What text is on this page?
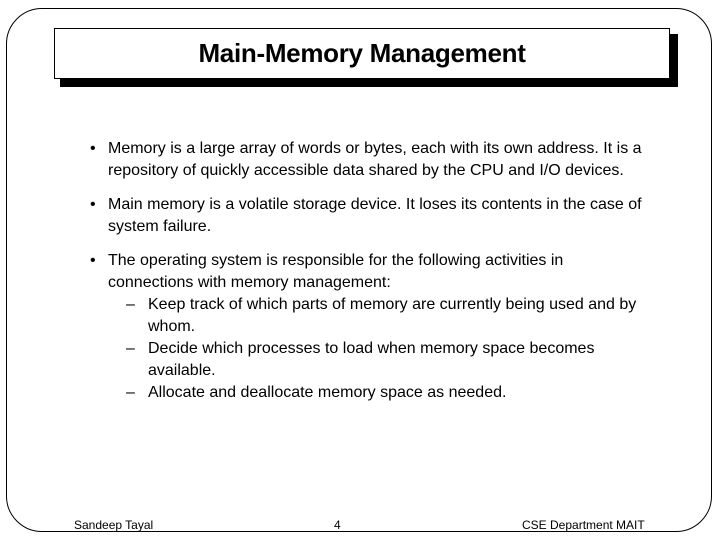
Main-Memory Management
• Memory is a large array of words or bytes, each with its own address. It is a repository of quickly accessible data shared by the CPU and I/O devices.
• Main memory is a volatile storage device. It loses its contents in the case of system failure.
• The operating system is responsible for the following activities in connections with memory management:
– Keep track of which parts of memory are currently being used and by whom.
– Decide which processes to load when memory space becomes available.
– Allocate and deallocate memory space as needed.
Sandeep Tayal	4	CSE Department MAIT
